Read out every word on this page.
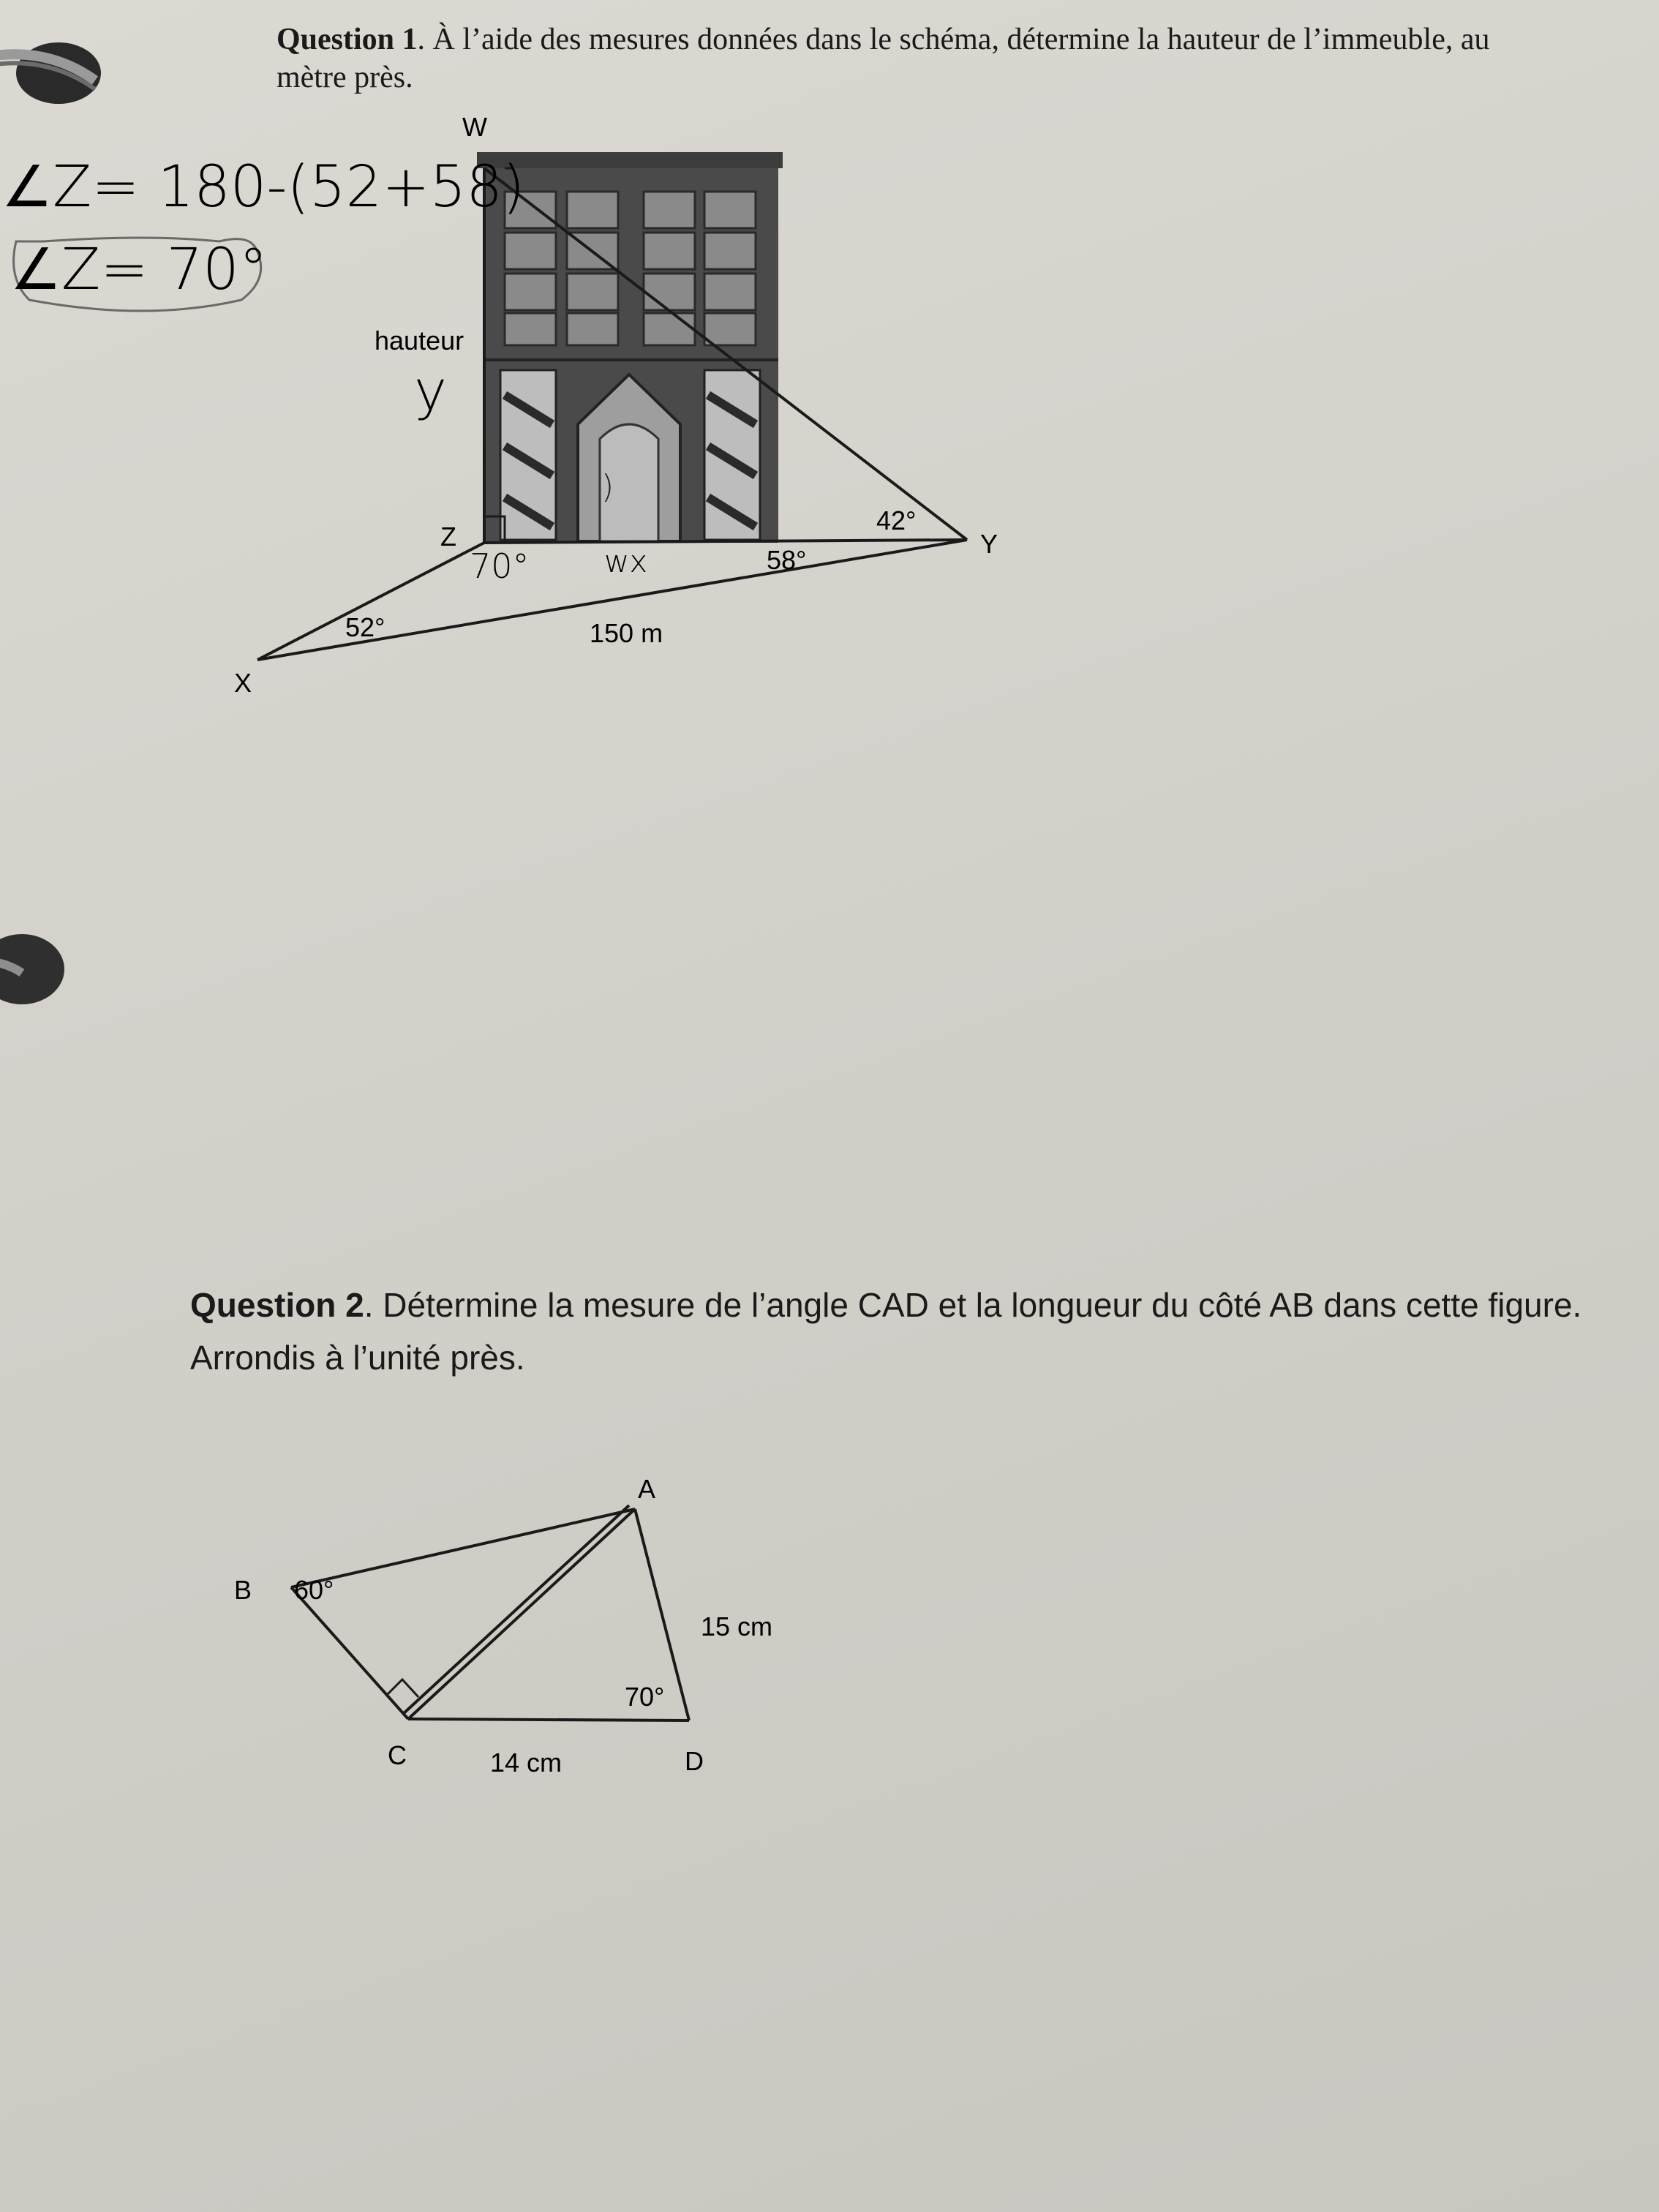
Question 1. À l’aide des mesures données dans le schéma, détermine la hauteur de l’immeuble, au mètre près.
W
hauteur
Z	Y
X
42°
58°
52°	150 m
∠Z= 180-(52+58)
∠Z= 70°
y
70° wx
)
Question 2. Détermine la mesure de l’angle CAD et la longueur du côté AB dans cette figure. Arrondis à l’unité près.
A
B
C	D
60°
70°
15 cm
14 cm
